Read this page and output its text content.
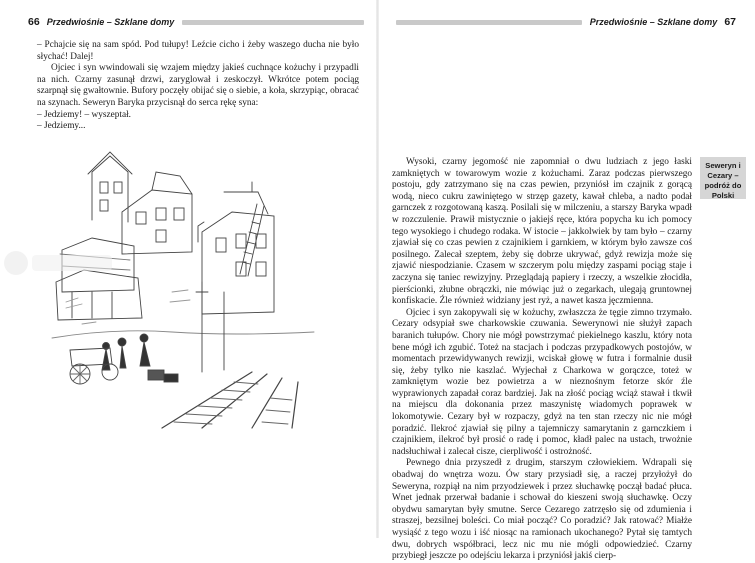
66 Przedwiośnie – Szklane domy

– Pchajcie się na sam spód. Pod tułupy! Leźcie cicho i żeby waszego ducha nie było słychać! Dalej!

Ojciec i syn wwindowali się wzajem między jakieś cuchnące kożuchy i przypadli na nich. Czarny zasunął drzwi, zaryglował i zeskoczył. Wkrótce potem pociąg szarpnął się gwałtownie. Bufory poczęły obijać się o siebie, a koła, skrzypiąc, obracać na szynach. Seweryn Baryka przycisnął do serca rękę syna:

– Jedziemy! – wyszeptał.

– Jedziemy...

Przedwiośnie – Szklane domy 67

Wysoki, czarny jegomość nie zapomniał o dwu ludziach z jego łaski zamkniętych w towarowym wozie z kożuchami. Zaraz podczas pierwszego postoju, gdy zatrzymano się na czas pewien, przyniósł im czajnik z gorącą wodą, nieco cukru zawiniętego w strzęp gazety, kawał chleba, a nadto podał garnczek z rozgotowaną kaszą. Posilali się w milczeniu, a starszy Baryka wpadł w rozczulenie. Prawił mistycznie o jakiejś ręce, która popycha ku ich pomocy tego wysokiego i chudego rodaka. W istocie – jakkolwiek by tam było – czarny zjawiał się co czas pewien z czajnikiem i garnkiem, w którym było zawsze coś posilnego. Zalecał szeptem, żeby się dobrze ukrywać, gdyż rewizja może się zjawić niespodzianie. Czasem w szczerym polu między zaspami pociąg staje i zaczyna się taniec rewizyjny. Przeglądają papiery i rzeczy, a wszelkie złocidła, pierścionki, złubne obrączki, nie mówiąc już o zegarkach, ulegają gruntownej konfiskacie. Źle również widziany jest ryż, a nawet kasza jęczmienna.

Ojciec i syn zakopywali się w kożuchy, zwłaszcza że tęgie zimno trzymało. Cezary odsypiał swe charkowskie czuwania. Sewerynowi nie służył zapach baranich tułupów. Chory nie mógł powstrzymać piekielnego kaszlu, który nota bene mógł ich zgubić. Toteż na stacjach i podczas przypadkowych postojów, w momentach przewidywanych rewizji, wciskał głowę w futra i formalnie dusił się, żeby tylko nie kaszlać. Wyjechał z Charkowa w gorączce, toteż w zamkniętym wozie bez powietrza a w nieznośnym fetorze skór źle wyprawionych zapadał coraz bardziej. Jak na złość pociąg wciąż stawał i tkwił na miejscu dla dokonania przez maszynistę wiadomych poprawek w lokomotywie. Cezary był w rozpaczy, gdyż na ten stan rzeczy nic nie mógł poradzić. Ilekroć zjawiał się pilny a tajemniczy samarytanin z garnczkiem i czajnikiem, ilekroć był prosić o radę i pomoc, kładł palec na ustach, trwożnie nadsłuchiwał i zalecał cisze, cierpliwość i ostrożność.

Pewnego dnia przyszedł z drugim, starszym człowiekiem. Wdrapali się obadwaj do wnętrza wozu. Ów stary przysiadł się, a raczej przyłożył do Seweryna, rozpiął na nim przyodziewek i przez słuchawkę począł badać płuca. Wnet jednak przerwał badanie i schował do kieszeni swoją słuchawkę. Oczy obydwu samarytan były smutne. Serce Cezarego zatrzęsło się od zdumienia i straszej, bezsilnej boleści. Co miał począć? Co poradzić? Jak ratować? Miałże wysiąść z tego wozu i iść niosąc na ramionach ukochanego? Pytał się tamtych dwu, dobrych współbraci, lecz nic mu nie mógli odpowiedzieć. Czarny przybiegł jeszcze po odejściu lekarza i przyniósł jakiś cierp-

Seweryn i Cezary – podróż do Polski
